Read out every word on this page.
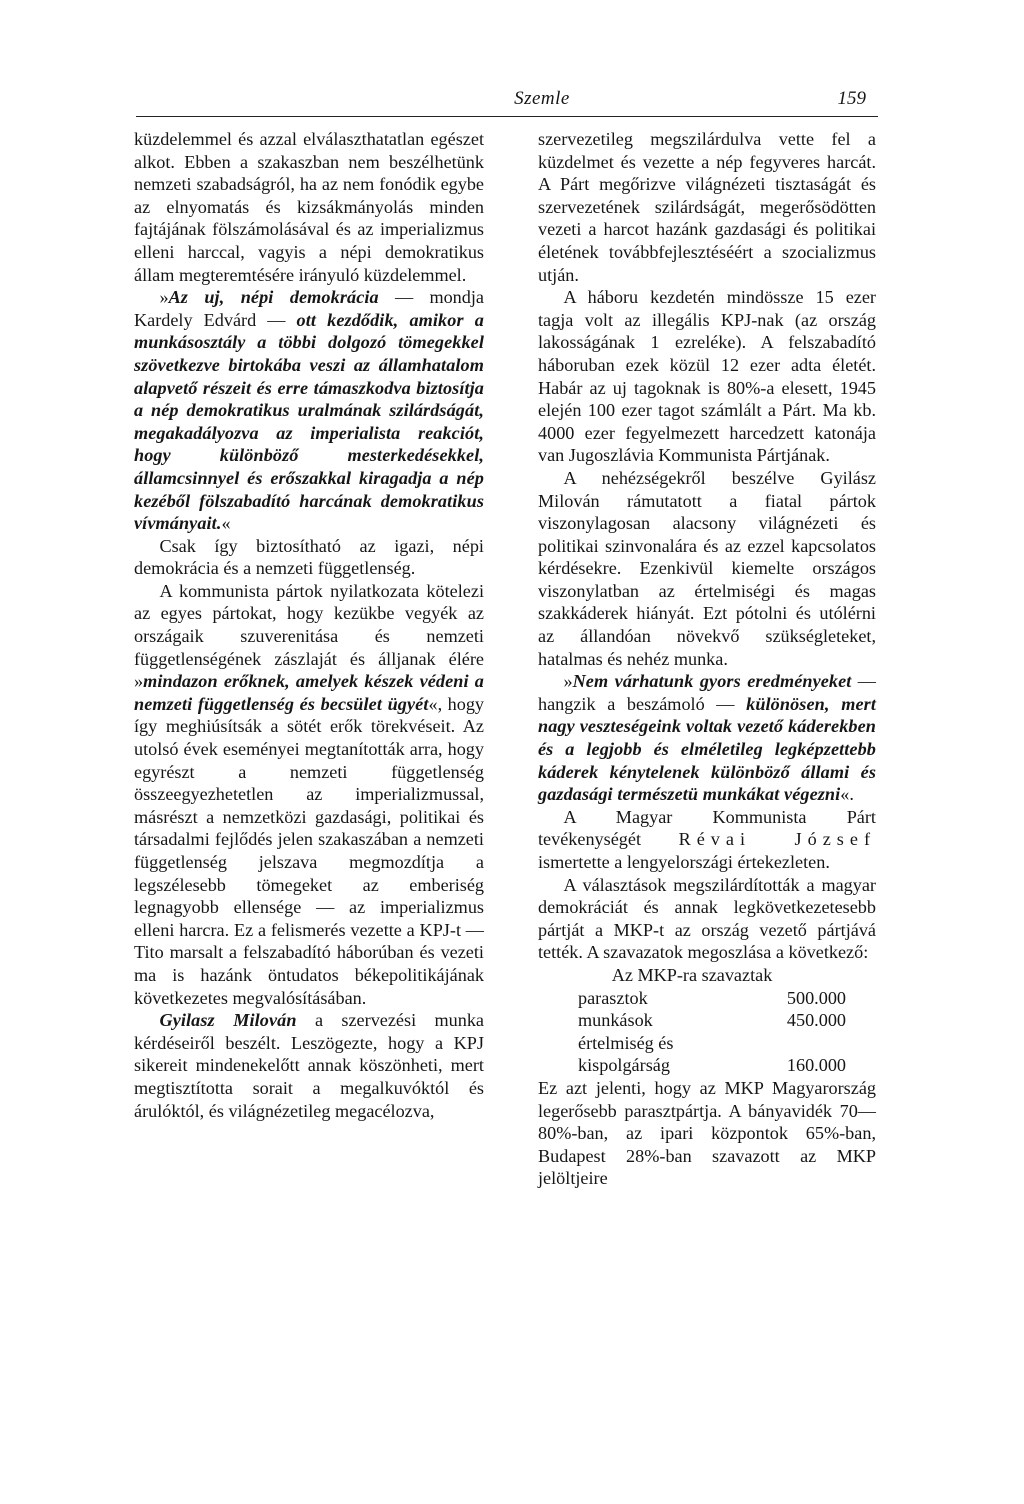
Szemle	159

küzdelemmel és azzal elválaszthatatlan egészet alkot. Ebben a szakaszban nem beszélhetünk nemzeti szabadságról, ha az nem fonódik egybe az elnyomatás és kizsákmányolás minden fajtájának fölszámolásával és az imperializmus elleni harccal, vagyis a népi demokratikus állam megteremtésére irányuló küzdelemmel.

»Az uj, népi demokrácia — mondja Kardely Edvárd — ott kezdődik, amikor a munkásosztály a többi dolgozó tömegekkel szövetkezve birtokába veszi az államhatalom alapvető részeit és erre támaszkodva biztosítja a nép demokratikus uralmának szilárdságát, megakadályozva az imperialista reakciót, hogy különböző mesterkedésekkel, államcsinnyel és erőszakkal kiragadja a nép kezéből fölszabadító harcának demokratikus vívmányait.«

Csak így biztosítható az igazi, népi demokrácia és a nemzeti függetlenség.

A kommunista pártok nyilatkozata kötelezi az egyes pártokat, hogy kezükbe vegyék az országaik szuverenitása és nemzeti függetlenségének zászlaját és álljanak élére »mindazon erőknek, amelyek készek védeni a nemzeti függetlenség és becsület ügyét«, hogy így meghiúsítsák a sötét erők törekvéseit. Az utolsó évek eseményei megtanították arra, hogy egyrészt a nemzeti függetlenség összeegyezhetetlen az imperializmussal, másrészt a nemzetközi gazdasági, politikai és társadalmi fejlődés jelen szakaszában a nemzeti függetlenség jelszava megmozdítja a legszélesebb tömegeket az emberiség legnagyobb ellensége — az imperializmus elleni harcra. Ez a felismerés vezette a KPJ-t — Tito marsalt a felszabadító háborúban és vezeti ma is hazánk öntudatos békepolitikájának következetes megvalósításában.

Gyilasz Milován a szervezési munka kérdéseiről beszélt. Leszögezte, hogy a KPJ sikereit mindenekelőtt annak köszönheti, mert megtisztította sorait a megalkuvóktól és árulóktól, és világnézetileg megacélozva,

szervezetileg megszilárdulva vette fel a küzdelmet és vezette a nép fegyveres harcát. A Párt megőrizve világnézeti tisztaságát és szervezetének szilárdságát, megerősödötten vezeti a harcot hazánk gazdasági és politikai életének továbbfejlesztéséért a szocializmus utján.

A háboru kezdetén mindössze 15 ezer tagja volt az illegális KPJ-nak (az ország lakosságának 1 ezreléke). A felszabadító háboruban ezek közül 12 ezer adta életét. Habár az uj tagoknak is 80%-a elesett, 1945 elején 100 ezer tagot számlált a Párt. Ma kb. 4000 ezer fegyelmezett harcedzett katonája van Jugoszlávia Kommunista Pártjának.

A nehézségekről beszélve Gyilász Milován rámutatott a fiatal pártok viszonylagosan alacsony világnézeti és politikai szinvonalára és az ezzel kapcsolatos kérdésekre. Ezenkivül kiemelte országos viszonylatban az értelmiségi és magas szakkáderek hiányát. Ezt pótolni és utólérni az állandóan növekvő szükségleteket, hatalmas és nehéz munka.

»Nem várhatunk gyors eredményeket — hangzik a beszámoló — különösen, mert nagy veszteségeink voltak vezető káderekben és a legjobb és elméletileg legképzettebb káderek kénytelenek különböző állami és gazdasági természetü munkákat végezni«.

A Magyar Kommunista Párt tevékenységét Révai József ismertette a lengyelországi értekezleten.

A választások megszilárdították a magyar demokráciát és annak legkövetkezetesebb pártját a MKP-t az ország vezető pártjává tették. A szavazatok megoszlása a következő:

Az MKP-ra szavaztak
parasztok	500.000
munkások	450.000
értelmiség és	
kispolgárság	160.000

Ez azt jelenti, hogy az MKP Magyarország legerősebb parasztpártja. A bányavidék 70—80%-ban, az ipari központok 65%-ban, Budapest 28%-ban szavazott az MKP jelöltjeire
